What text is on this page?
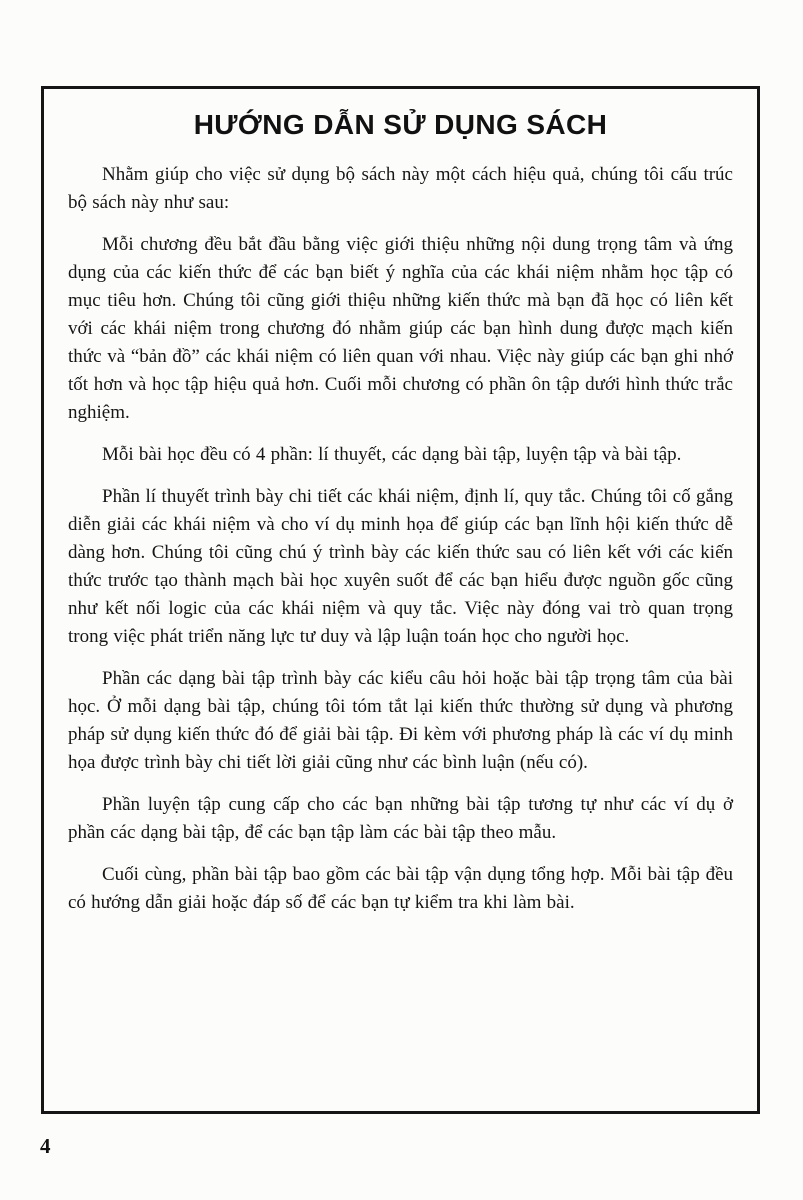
HƯỚNG DẪN SỬ DỤNG SÁCH

Nhằm giúp cho việc sử dụng bộ sách này một cách hiệu quả, chúng tôi cấu trúc bộ sách này như sau:

Mỗi chương đều bắt đầu bằng việc giới thiệu những nội dung trọng tâm và ứng dụng của các kiến thức để các bạn biết ý nghĩa của các khái niệm nhằm học tập có mục tiêu hơn. Chúng tôi cũng giới thiệu những kiến thức mà bạn đã học có liên kết với các khái niệm trong chương đó nhằm giúp các bạn hình dung được mạch kiến thức và “bản đồ” các khái niệm có liên quan với nhau. Việc này giúp các bạn ghi nhớ tốt hơn và học tập hiệu quả hơn. Cuối mỗi chương có phần ôn tập dưới hình thức trắc nghiệm.

Mỗi bài học đều có 4 phần: lí thuyết, các dạng bài tập, luyện tập và bài tập.

Phần lí thuyết trình bày chi tiết các khái niệm, định lí, quy tắc. Chúng tôi cố gắng diễn giải các khái niệm và cho ví dụ minh họa để giúp các bạn lĩnh hội kiến thức dễ dàng hơn. Chúng tôi cũng chú ý trình bày các kiến thức sau có liên kết với các kiến thức trước tạo thành mạch bài học xuyên suốt để các bạn hiểu được nguồn gốc cũng như kết nối logic của các khái niệm và quy tắc. Việc này đóng vai trò quan trọng trong việc phát triển năng lực tư duy và lập luận toán học cho người học.

Phần các dạng bài tập trình bày các kiểu câu hỏi hoặc bài tập trọng tâm của bài học. Ở mỗi dạng bài tập, chúng tôi tóm tắt lại kiến thức thường sử dụng và phương pháp sử dụng kiến thức đó để giải bài tập. Đi kèm với phương pháp là các ví dụ minh họa được trình bày chi tiết lời giải cũng như các bình luận (nếu có).

Phần luyện tập cung cấp cho các bạn những bài tập tương tự như các ví dụ ở phần các dạng bài tập, để các bạn tập làm các bài tập theo mẫu.

Cuối cùng, phần bài tập bao gồm các bài tập vận dụng tổng hợp. Mỗi bài tập đều có hướng dẫn giải hoặc đáp số để các bạn tự kiểm tra khi làm bài.

4
